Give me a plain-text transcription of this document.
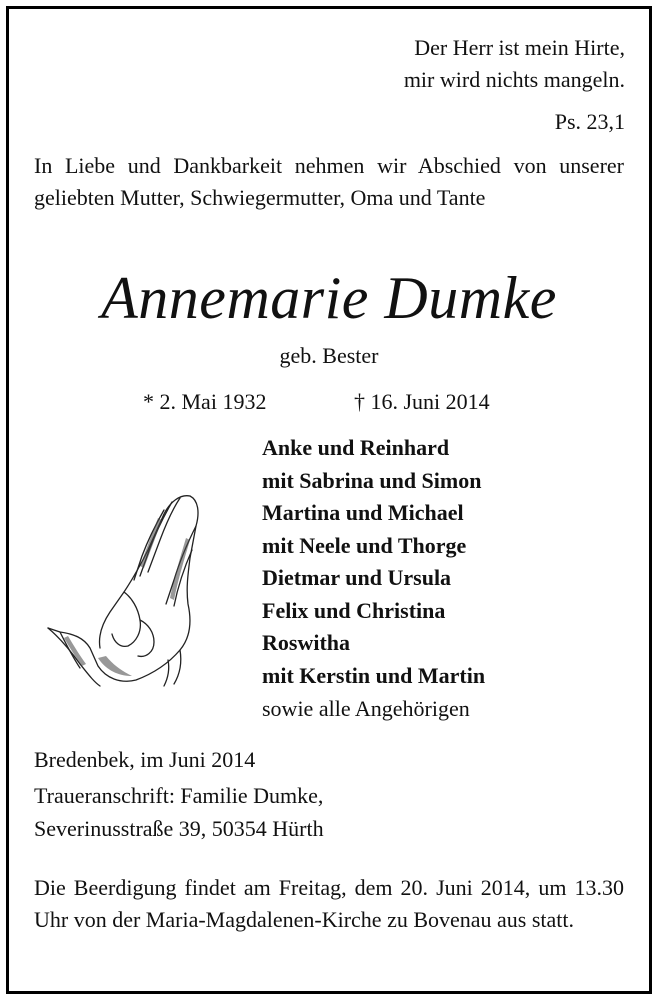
Der Herr ist mein Hirte,
mir wird nichts mangeln.
Ps. 23,1
In Liebe und Dankbarkeit nehmen wir Abschied von unserer geliebten Mutter, Schwiegermutter, Oma und Tante
Annemarie Dumke
geb. Bester
* 2. Mai 1932	† 16. Juni 2014
Anke und Reinhard
mit Sabrina und Simon
Martina und Michael
mit Neele und Thorge
Dietmar und Ursula
Felix und Christina
Roswitha
mit Kerstin und Martin
sowie alle Angehörigen
Bredenbek, im Juni 2014
Traueranschrift: Familie Dumke,
Severinusstraße 39, 50354 Hürth
Die Beerdigung findet am Freitag, dem 20. Juni 2014, um 13.30 Uhr von der Maria-Magdalenen-Kirche zu Bovenau aus statt.
